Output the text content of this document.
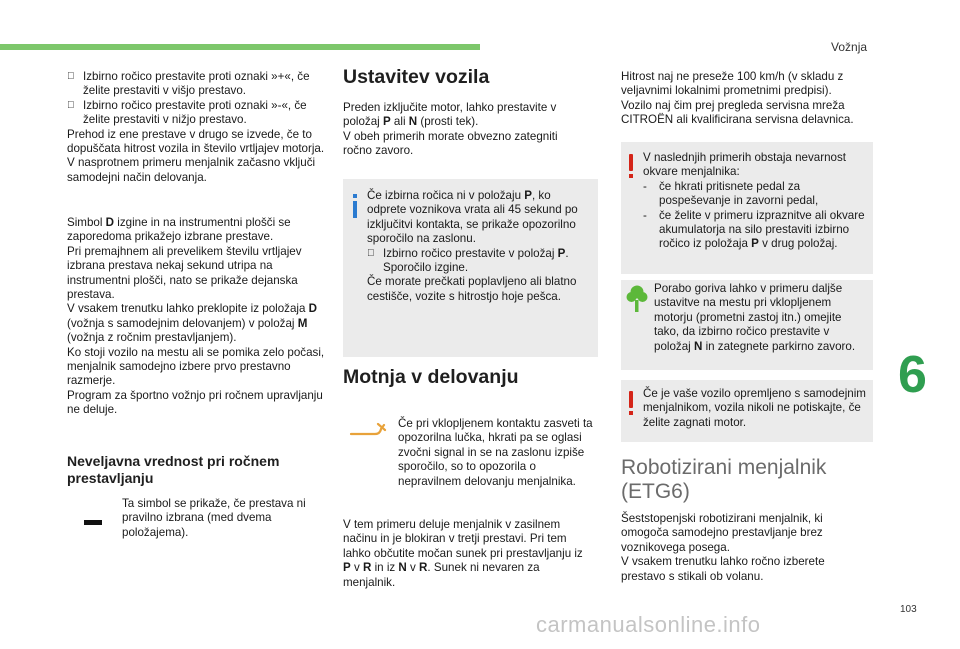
Vožnja
6
103
carmanualsonline.info
Izbirno ročico prestavite proti oznaki »+«, če želite prestaviti v višjo prestavo.
Izbirno ročico prestavite proti oznaki »-«, če želite prestaviti v nižjo prestavo.

Prehod iz ene prestave v drugo se izvede, če to dopuščata hitrost vozila in število vrtljajev motorja. V nasprotnem primeru menjalnik začasno vključi samodejni način delovanja.

Simbol D izgine in na instrumentni plošči se zaporedoma prikažejo izbrane prestave.

Pri premajhnem ali prevelikem številu vrtljajev izbrana prestava nekaj sekund utripa na instrumentni plošči, nato se prikaže dejanska prestava.

V vsakem trenutku lahko preklopite iz položaja D (vožnja s samodejnim delovanjem) v položaj M (vožnja z ročnim prestavljanjem).

Ko stoji vozilo na mestu ali se pomika zelo počasi, menjalnik samodejno izbere prvo prestavno razmerje.

Program za športno vožnjo pri ročnem upravljanju ne deluje.

Neveljavna vrednost pri ročnem prestavljanju
Ta simbol se prikaže, če prestava ni pravilno izbrana (med dvema položajema).
Ustavitev vozila

Preden izključite motor, lahko prestavite v položaj P ali N (prosti tek).

V obeh primerih morate obvezno zategniti ročno zavoro.

Če izbirna ročica ni v položaju P, ko odprete voznikova vrata ali 45 sekund po izključitvi kontakta, se prikaže opozorilno sporočilo na zaslonu.

Izbirno ročico prestavite v položaj P.
Sporočilo izgine.

Če morate prečkati poplavljeno ali blatno cestišče, vozite s hitrostjo hoje pešca.

Motnja v delovanju
Če pri vklopljenem kontaktu zasveti ta opozorilna lučka, hkrati pa se oglasi zvočni signal in se na zaslonu izpiše sporočilo, so to opozorila o nepravilnem delovanju menjalnika.

V tem primeru deluje menjalnik v zasilnem načinu in je blokiran v tretji prestavi. Pri tem lahko občutite močan sunek pri prestavljanju iz P v R in iz N v R. Sunek ni nevaren za menjalnik.

Hitrost naj ne preseže 100 km/h (v skladu z veljavnimi lokalnimi prometnimi predpisi).

Vozilo naj čim prej pregleda servisna mreža CITROËN ali kvalificirana servisna delavnica.

V naslednjih primerih obstaja nevarnost okvare menjalnika:

-	če hkrati pritisnete pedal za pospeševanje in zavorni pedal,
-	če želite v primeru izpraznitve ali okvare akumulatorja na silo prestaviti izbirno ročico iz položaja P v drug položaj.

Porabo goriva lahko v primeru daljše ustavitve na mestu pri vklopljenem motorju (prometni zastoj itn.) omejite tako, da izbirno ročico prestavite v položaj N in zategnete parkirno zavoro.

Če je vaše vozilo opremljeno s samodejnim menjalnikom, vozila nikoli ne potiskajte, če želite zagnati motor.
Robotizirani menjalnik
(ETG6)

Šeststopenjski robotizirani menjalnik, ki omogoča samodejno prestavljanje brez voznikovega posega.

V vsakem trenutku lahko ročno izberete prestavo s stikali ob volanu.
